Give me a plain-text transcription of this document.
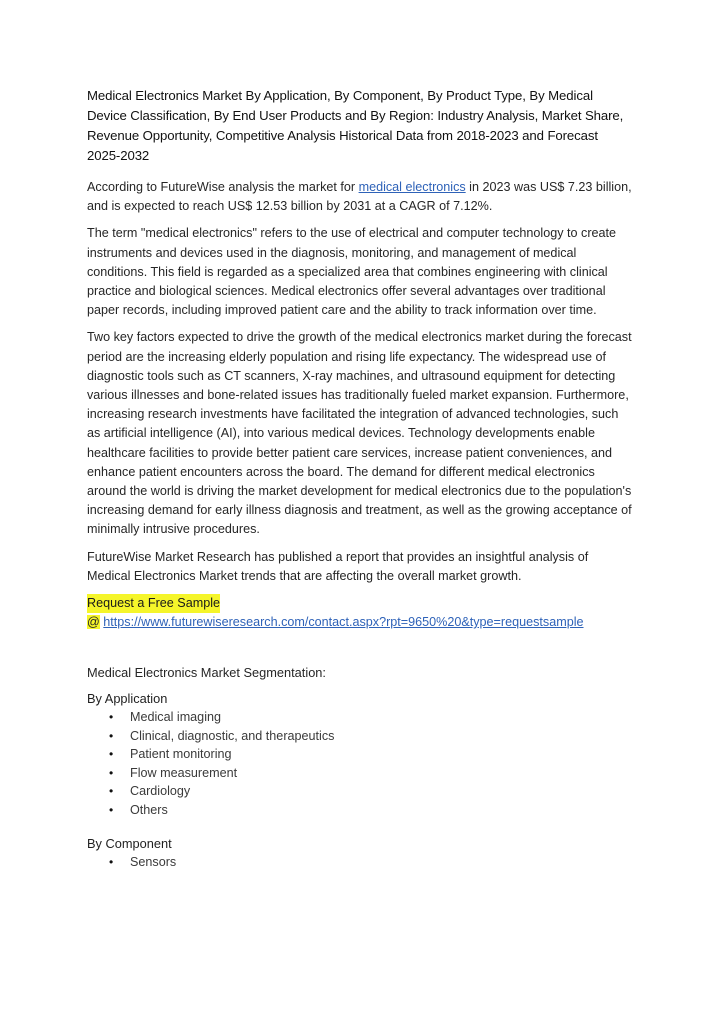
Medical Electronics Market By Application, By Component, By Product Type, By Medical Device Classification, By End User Products and By Region: Industry Analysis, Market Share, Revenue Opportunity, Competitive Analysis Historical Data from 2018-2023 and Forecast 2025-2032

According to FutureWise analysis the market for medical electronics in 2023 was US$ 7.23 billion, and is expected to reach US$ 12.53 billion by 2031 at a CAGR of 7.12%.

The term "medical electronics" refers to the use of electrical and computer technology to create instruments and devices used in the diagnosis, monitoring, and management of medical conditions. This field is regarded as a specialized area that combines engineering with clinical practice and biological sciences. Medical electronics offer several advantages over traditional paper records, including improved patient care and the ability to track information over time.

Two key factors expected to drive the growth of the medical electronics market during the forecast period are the increasing elderly population and rising life expectancy. The widespread use of diagnostic tools such as CT scanners, X-ray machines, and ultrasound equipment for detecting various illnesses and bone-related issues has traditionally fueled market expansion. Furthermore, increasing research investments have facilitated the integration of advanced technologies, such as artificial intelligence (AI), into various medical devices. Technology developments enable healthcare facilities to provide better patient care services, increase patient conveniences, and enhance patient encounters across the board. The demand for different medical electronics around the world is driving the market development for medical electronics due to the population's increasing demand for early illness diagnosis and treatment, as well as the growing acceptance of minimally intrusive procedures.

FutureWise Market Research has published a report that provides an insightful analysis of Medical Electronics Market trends that are affecting the overall market growth.

Request a Free Sample
@ https://www.futurewiseresearch.com/contact.aspx?rpt=9650%20&type=requestsample
Medical Electronics Market Segmentation:
By Application
• Medical imaging
• Clinical, diagnostic, and therapeutics
• Patient monitoring
• Flow measurement
• Cardiology
• Others
By Component
• Sensors
